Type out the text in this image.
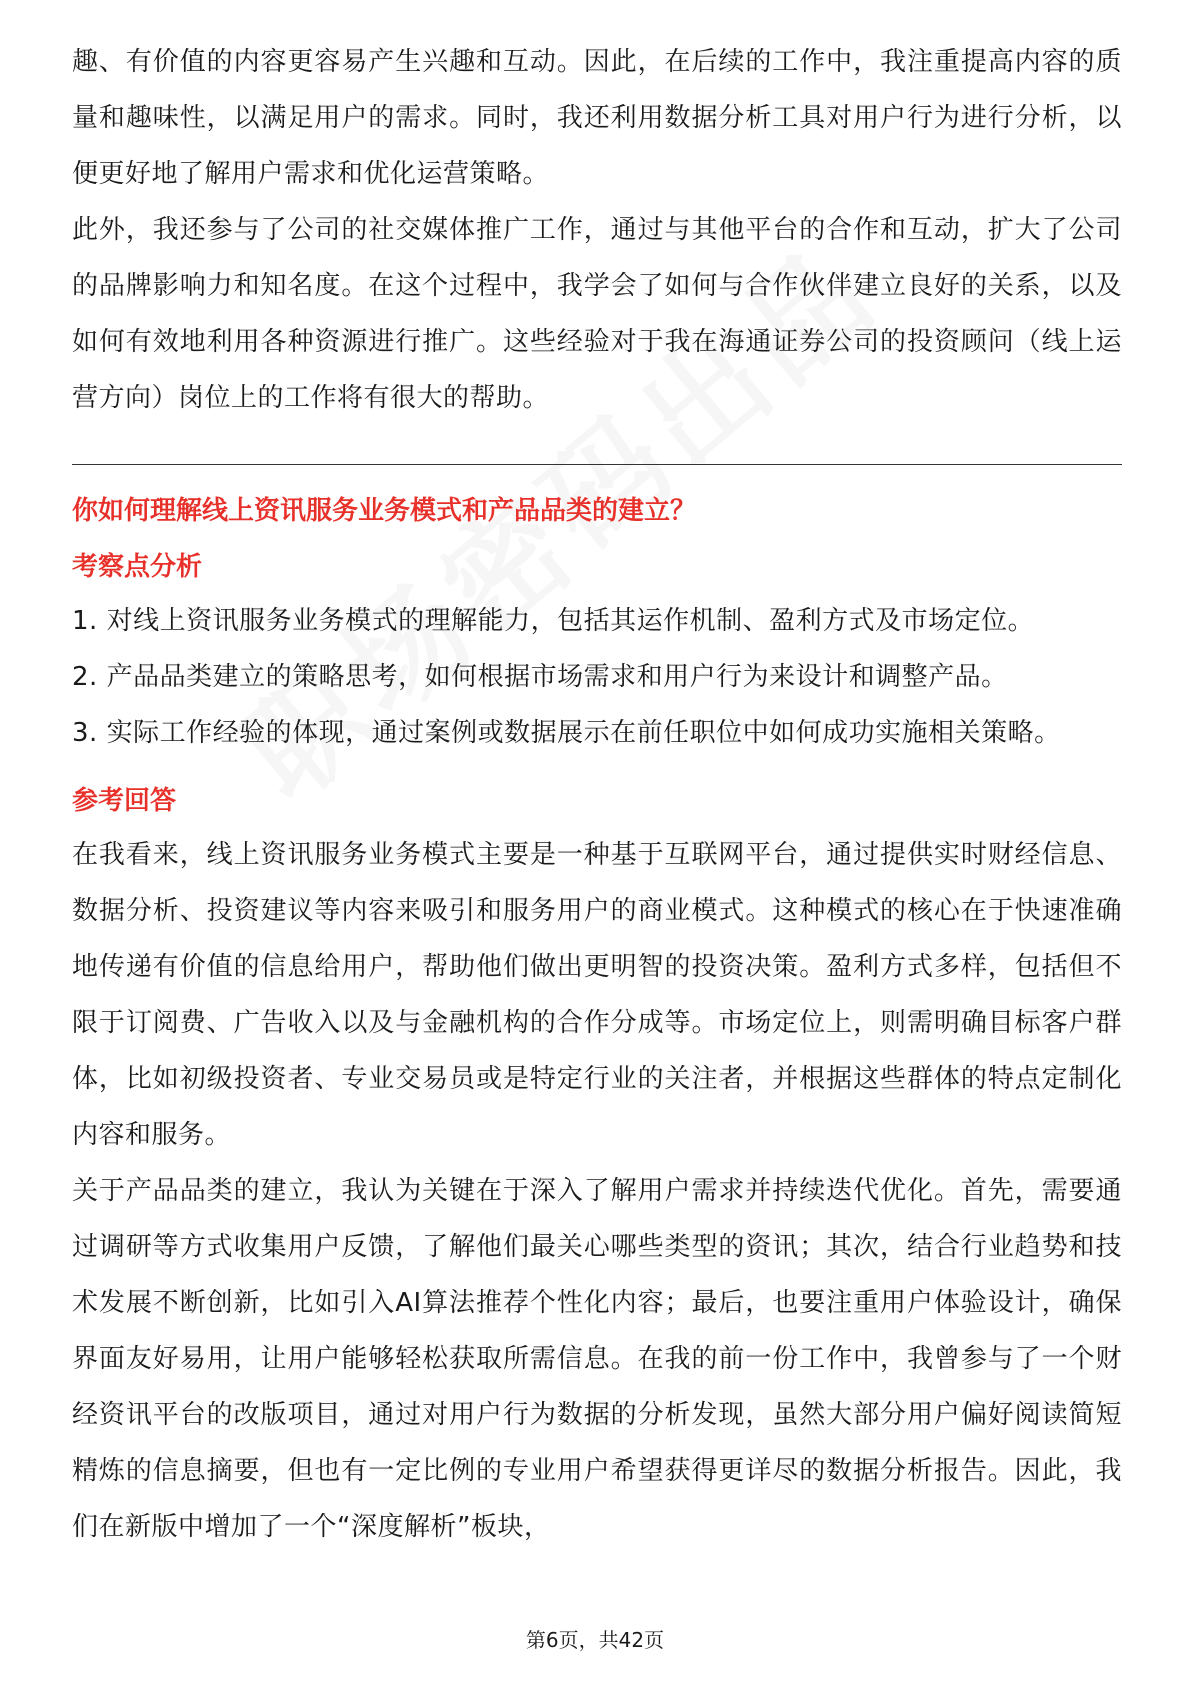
趣、有价值的内容更容易产生兴趣和互动。因此，在后续的工作中，我注重提高内容的质量和趣味性，以满足用户的需求。同时，我还利用数据分析工具对用户行为进行分析，以便更好地了解用户需求和优化运营策略。

此外，我还参与了公司的社交媒体推广工作，通过与其他平台的合作和互动，扩大了公司的品牌影响力和知名度。在这个过程中，我学会了如何与合作伙伴建立良好的关系，以及如何有效地利用各种资源进行推广。这些经验对于我在海通证券公司的投资顾问（线上运营方向）岗位上的工作将有很大的帮助。

你如何理解线上资讯服务业务模式和产品品类的建立？
考察点分析

1. 对线上资讯服务业务模式的理解能力，包括其运作机制、盈利方式及市场定位。

2. 产品品类建立的策略思考，如何根据市场需求和用户行为来设计和调整产品。

3. 实际工作经验的体现，通过案例或数据展示在前任职位中如何成功实施相关策略。

参考回答

在我看来，线上资讯服务业务模式主要是一种基于互联网平台，通过提供实时财经信息、数据分析、投资建议等内容来吸引和服务用户的商业模式。这种模式的核心在于快速准确地传递有价值的信息给用户，帮助他们做出更明智的投资决策。盈利方式多样，包括但不限于订阅费、广告收入以及与金融机构的合作分成等。市场定位上，则需明确目标客户群体，比如初级投资者、专业交易员或是特定行业的关注者，并根据这些群体的特点定制化内容和服务。

关于产品品类的建立，我认为关键在于深入了解用户需求并持续迭代优化。首先，需要通过调研等方式收集用户反馈，了解他们最关心哪些类型的资讯；其次，结合行业趋势和技术发展不断创新，比如引入AI算法推荐个性化内容；最后，也要注重用户体验设计，确保界面友好易用，让用户能够轻松获取所需信息。在我的前一份工作中，我曾参与了一个财经资讯平台的改版项目，通过对用户行为数据的分析发现，虽然大部分用户偏好阅读简短精炼的信息摘要，但也有一定比例的专业用户希望获得更详尽的数据分析报告。因此，我们在新版中增加了一个“深度解析”板块，

第6页，共42页
